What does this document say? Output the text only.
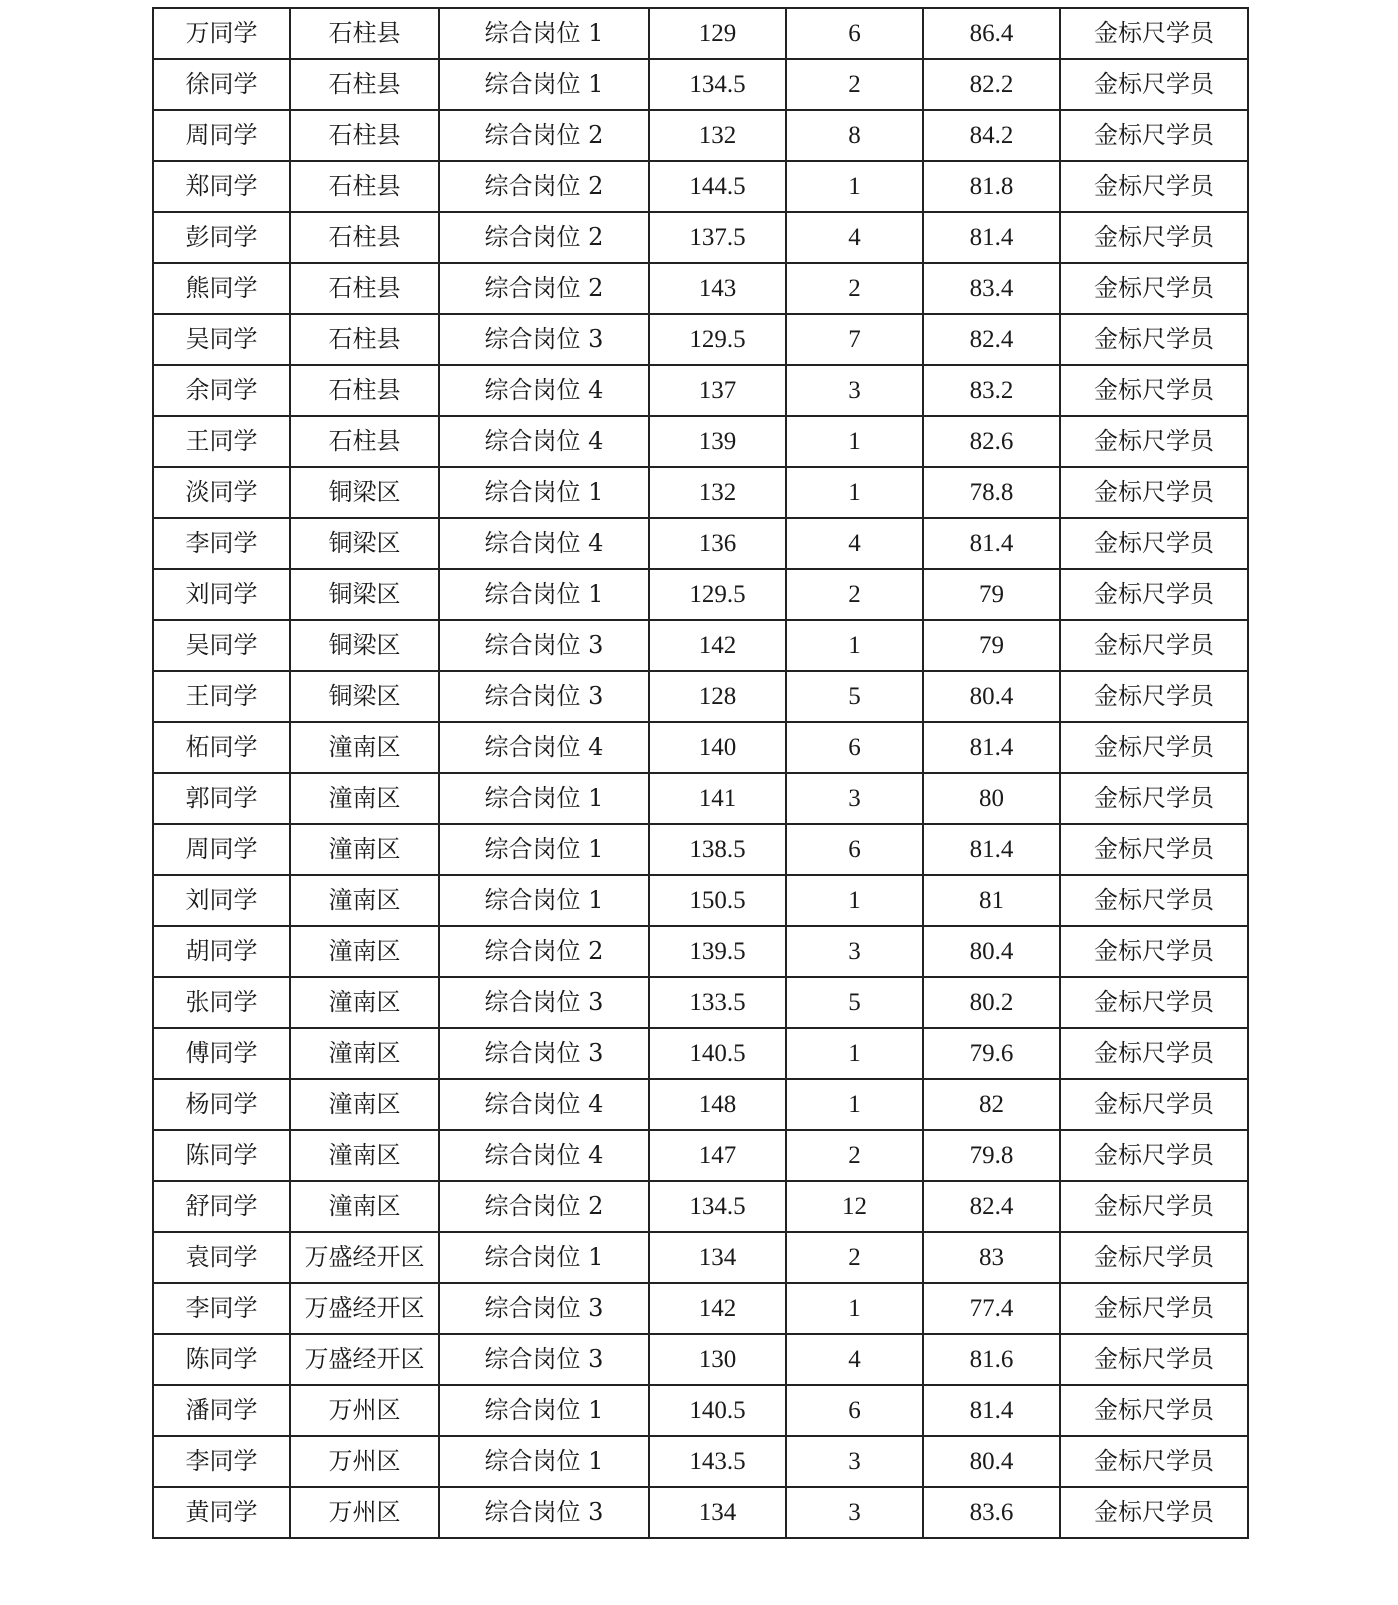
万同学	石柱县	综合岗位 1	129	6	86.4	金标尺学员
徐同学	石柱县	综合岗位 1	134.5	2	82.2	金标尺学员
周同学	石柱县	综合岗位 2	132	8	84.2	金标尺学员
郑同学	石柱县	综合岗位 2	144.5	1	81.8	金标尺学员
彭同学	石柱县	综合岗位 2	137.5	4	81.4	金标尺学员
熊同学	石柱县	综合岗位 2	143	2	83.4	金标尺学员
吴同学	石柱县	综合岗位 3	129.5	7	82.4	金标尺学员
余同学	石柱县	综合岗位 4	137	3	83.2	金标尺学员
王同学	石柱县	综合岗位 4	139	1	82.6	金标尺学员
淡同学	铜梁区	综合岗位 1	132	1	78.8	金标尺学员
李同学	铜梁区	综合岗位 4	136	4	81.4	金标尺学员
刘同学	铜梁区	综合岗位 1	129.5	2	79	金标尺学员
吴同学	铜梁区	综合岗位 3	142	1	79	金标尺学员
王同学	铜梁区	综合岗位 3	128	5	80.4	金标尺学员
柘同学	潼南区	综合岗位 4	140	6	81.4	金标尺学员
郭同学	潼南区	综合岗位 1	141	3	80	金标尺学员
周同学	潼南区	综合岗位 1	138.5	6	81.4	金标尺学员
刘同学	潼南区	综合岗位 1	150.5	1	81	金标尺学员
胡同学	潼南区	综合岗位 2	139.5	3	80.4	金标尺学员
张同学	潼南区	综合岗位 3	133.5	5	80.2	金标尺学员
傅同学	潼南区	综合岗位 3	140.5	1	79.6	金标尺学员
杨同学	潼南区	综合岗位 4	148	1	82	金标尺学员
陈同学	潼南区	综合岗位 4	147	2	79.8	金标尺学员
舒同学	潼南区	综合岗位 2	134.5	12	82.4	金标尺学员
袁同学	万盛经开区	综合岗位 1	134	2	83	金标尺学员
李同学	万盛经开区	综合岗位 3	142	1	77.4	金标尺学员
陈同学	万盛经开区	综合岗位 3	130	4	81.6	金标尺学员
潘同学	万州区	综合岗位 1	140.5	6	81.4	金标尺学员
李同学	万州区	综合岗位 1	143.5	3	80.4	金标尺学员
黄同学	万州区	综合岗位 3	134	3	83.6	金标尺学员
